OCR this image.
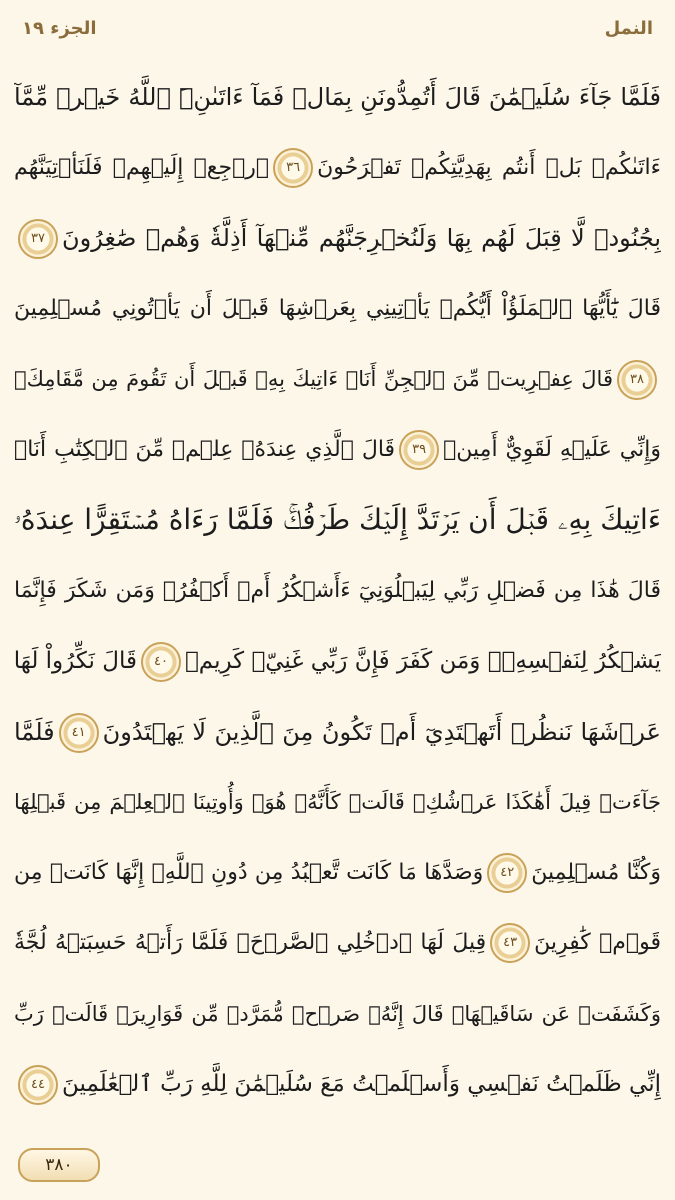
الجزء ١٩	النمل
فَلَمَّا جَآءَ سُلَيۡمَٰنَ قَالَ أَتُمِدُّونَنِ بِمَالٖ فَمَآ ءَاتَىٰنِۦَ ٱللَّهُ خَيۡرٞ مِّمَّآ
ءَاتَىٰكُمۚ بَلۡ أَنتُم بِهَدِيَّتِكُمۡ تَفۡرَحُونَ٣٦ٱرۡجِعۡ إِلَيۡهِمۡ فَلَنَأۡتِيَنَّهُم
بِجُنُودٖ لَّا قِبَلَ لَهُم بِهَا وَلَنُخۡرِجَنَّهُم مِّنۡهَآ أَذِلَّةٗ وَهُمۡ صَٰغِرُونَ٣٧
قَالَ يَٰٓأَيُّهَا ٱلۡمَلَؤُاْ أَيُّكُمۡ يَأۡتِينِي بِعَرۡشِهَا قَبۡلَ أَن يَأۡتُونِي مُسۡلِمِينَ
٣٨قَالَ عِفۡرِيتٞ مِّنَ ٱلۡجِنِّ أَنَا۠ ءَاتِيكَ بِهِۦ قَبۡلَ أَن تَقُومَ مِن مَّقَامِكَۖ
وَإِنِّي عَلَيۡهِ لَقَوِيٌّ أَمِينٞ٣٩قَالَ ٱلَّذِي عِندَهُۥ عِلۡمٞ مِّنَ ٱلۡكِتَٰبِ أَنَا۠
ءَاتِيكَ بِهِۦ قَبۡلَ أَن يَرۡتَدَّ إِلَيۡكَ طَرۡفُكَۚ فَلَمَّا رَءَاهُ مُسۡتَقِرًّا عِندَهُۥ
قَالَ هَٰذَا مِن فَضۡلِ رَبِّي لِيَبۡلُوَنِيٓ ءَأَشۡكُرُ أَمۡ أَكۡفُرُۖ وَمَن شَكَرَ فَإِنَّمَا
يَشۡكُرُ لِنَفۡسِهِۦۖ وَمَن كَفَرَ فَإِنَّ رَبِّي غَنِيّٞ كَرِيمٞ٤٠قَالَ نَكِّرُواْ لَهَا
عَرۡشَهَا نَنظُرۡ أَتَهۡتَدِيٓ أَمۡ تَكُونُ مِنَ ٱلَّذِينَ لَا يَهۡتَدُونَ٤١فَلَمَّا
جَآءَتۡ قِيلَ أَهَٰكَذَا عَرۡشُكِۖ قَالَتۡ كَأَنَّهُۥ هُوَۚ وَأُوتِينَا ٱلۡعِلۡمَ مِن قَبۡلِهَا
وَكُنَّا مُسۡلِمِينَ٤٢وَصَدَّهَا مَا كَانَت تَّعۡبُدُ مِن دُونِ ٱللَّهِۖ إِنَّهَا كَانَتۡ مِن
قَوۡمٖ كَٰفِرِينَ٤٣قِيلَ لَهَا ٱدۡخُلِي ٱلصَّرۡحَۖ فَلَمَّا رَأَتۡهُ حَسِبَتۡهُ لُجَّةٗ
وَكَشَفَتۡ عَن سَاقَيۡهَاۚ قَالَ إِنَّهُۥ صَرۡحٞ مُّمَرَّدٞ مِّن قَوَارِيرَۗ قَالَتۡ رَبِّ
إِنِّي ظَلَمۡتُ نَفۡسِي وَأَسۡلَمۡتُ مَعَ سُلَيۡمَٰنَ لِلَّهِ رَبِّ ٱلۡعَٰلَمِينَ٤٤
٣٨٠
